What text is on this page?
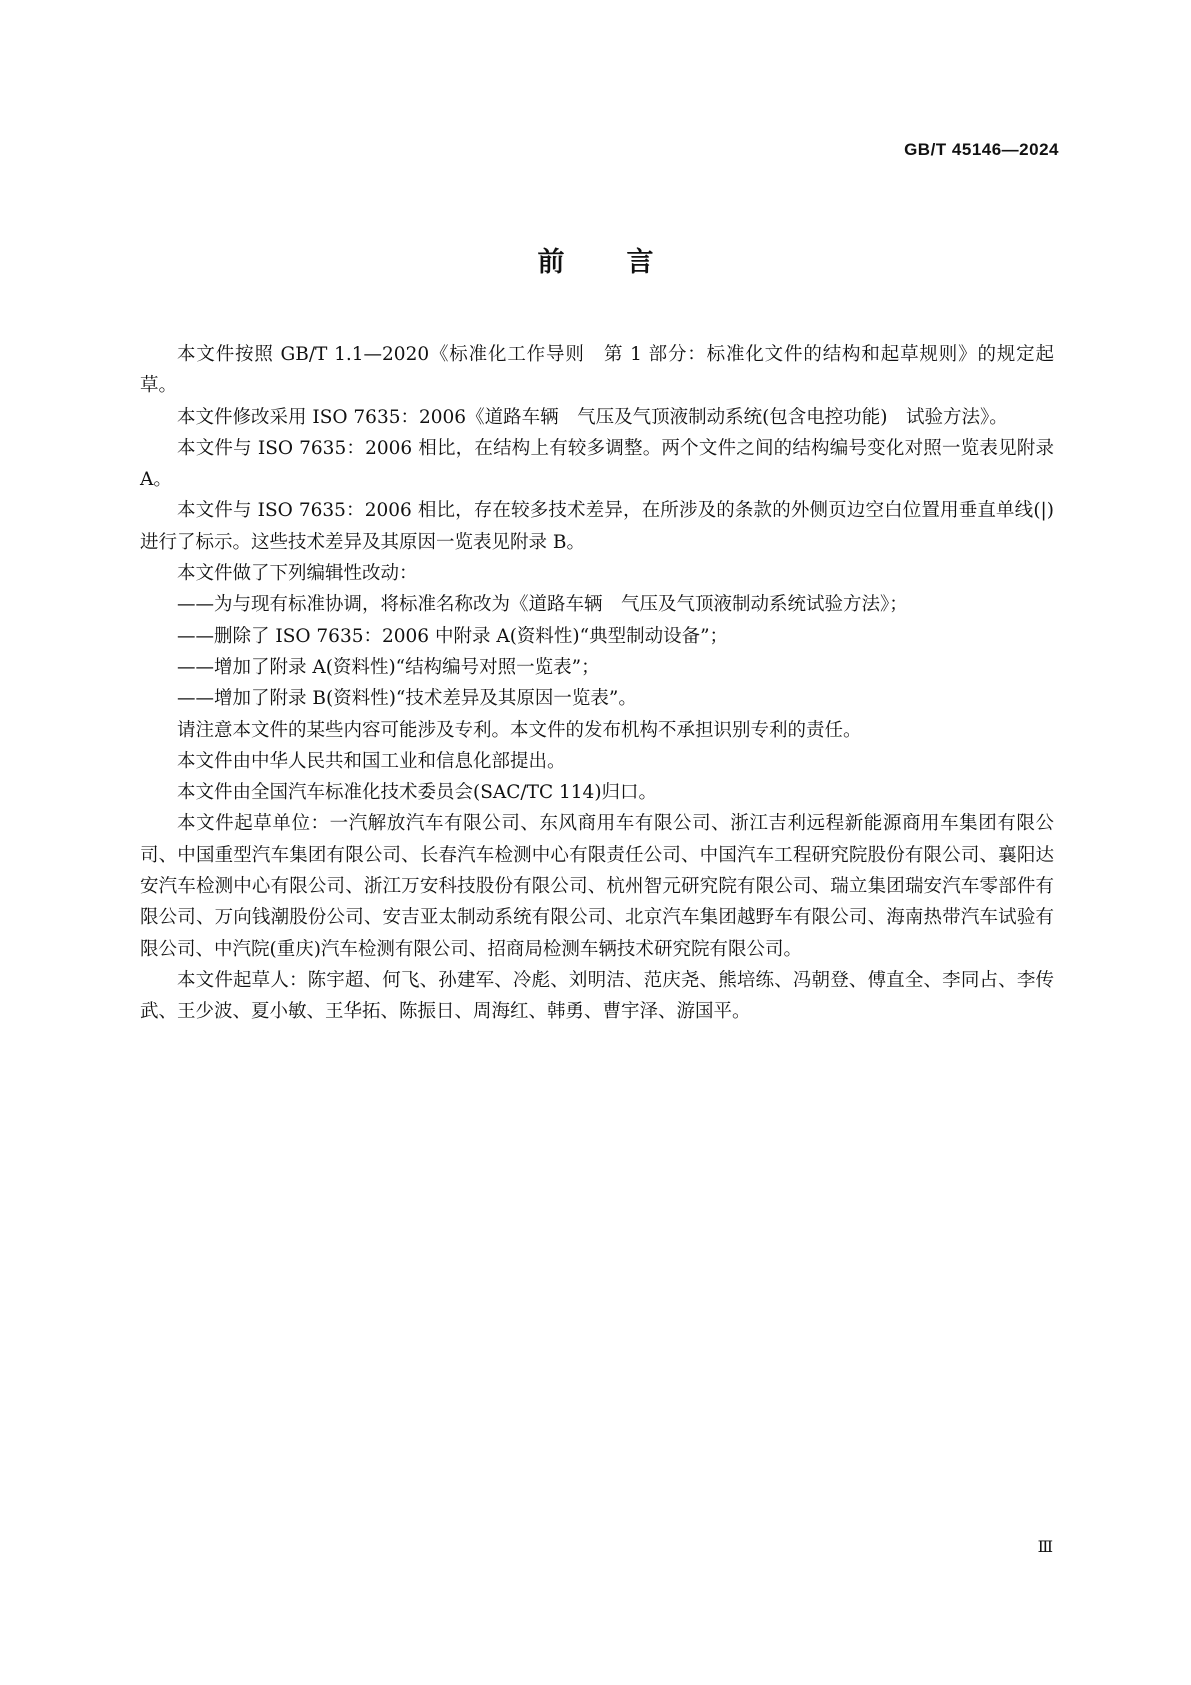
GB/T 45146—2024
前言

本文件按照 GB/T 1.1—2020《标准化工作导则　第 1 部分：标准化文件的结构和起草规则》的规定起草。

本文件修改采用 ISO 7635：2006《道路车辆　气压及气顶液制动系统(包含电控功能)　试验方法》。

本文件与 ISO 7635：2006 相比，在结构上有较多调整。两个文件之间的结构编号变化对照一览表见附录 A。

本文件与 ISO 7635：2006 相比，存在较多技术差异，在所涉及的条款的外侧页边空白位置用垂直单线(|)进行了标示。这些技术差异及其原因一览表见附录 B。

本文件做了下列编辑性改动：

——为与现有标准协调，将标准名称改为《道路车辆　气压及气顶液制动系统试验方法》；

——删除了 ISO 7635：2006 中附录 A(资料性)“典型制动设备”；

——增加了附录 A(资料性)“结构编号对照一览表”；

——增加了附录 B(资料性)“技术差异及其原因一览表”。

请注意本文件的某些内容可能涉及专利。本文件的发布机构不承担识别专利的责任。

本文件由中华人民共和国工业和信息化部提出。

本文件由全国汽车标准化技术委员会(SAC/TC 114)归口。

本文件起草单位：一汽解放汽车有限公司、东风商用车有限公司、浙江吉利远程新能源商用车集团有限公司、中国重型汽车集团有限公司、长春汽车检测中心有限责任公司、中国汽车工程研究院股份有限公司、襄阳达安汽车检测中心有限公司、浙江万安科技股份有限公司、杭州智元研究院有限公司、瑞立集团瑞安汽车零部件有限公司、万向钱潮股份公司、安吉亚太制动系统有限公司、北京汽车集团越野车有限公司、海南热带汽车试验有限公司、中汽院(重庆)汽车检测有限公司、招商局检测车辆技术研究院有限公司。

本文件起草人：陈宇超、何飞、孙建军、冷彪、刘明洁、范庆尧、熊培练、冯朝登、傅直全、李同占、李传武、王少波、夏小敏、王华拓、陈振日、周海红、韩勇、曹宇泽、游国平。

Ⅲ
